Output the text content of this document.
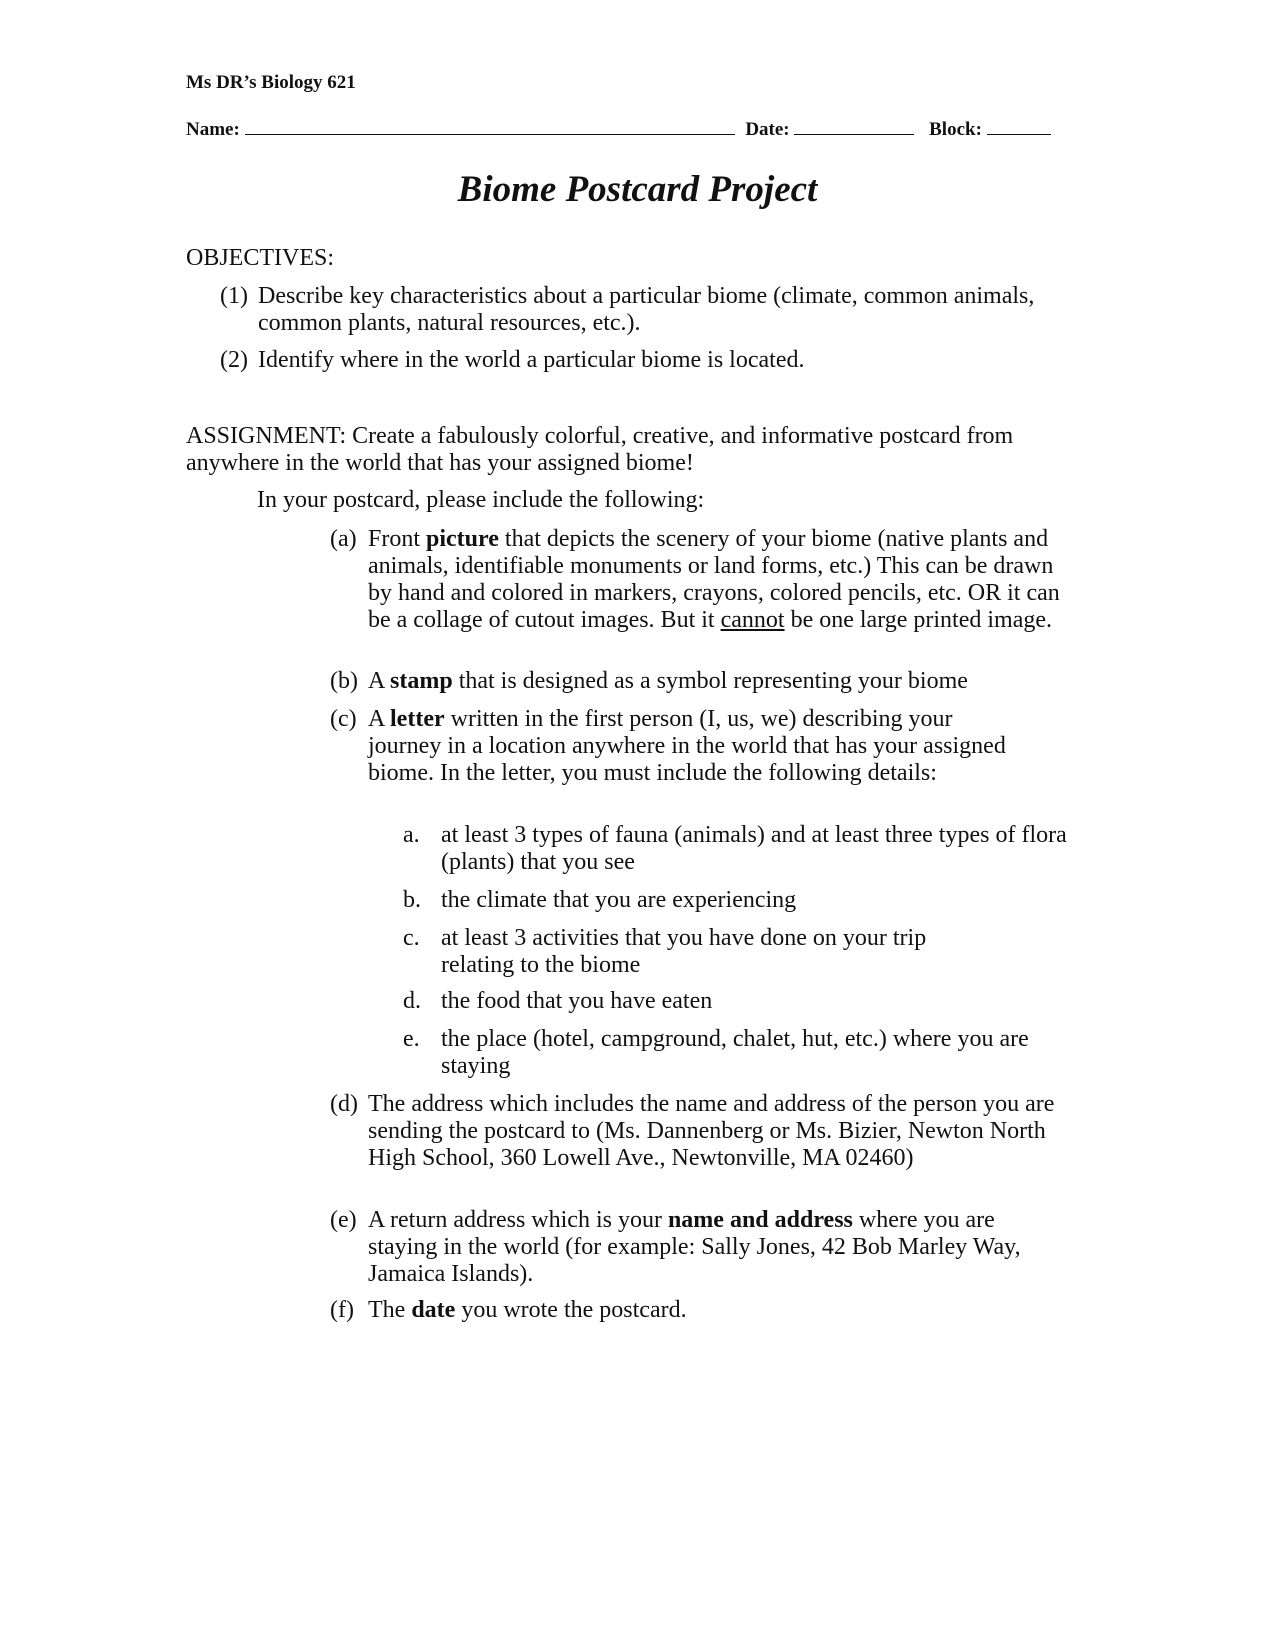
Ms DR’s Biology 621
Name:	Date:	Block:
Biome Postcard Project
OBJECTIVES:
(1) Describe key characteristics about a particular biome (climate, common animals, common plants, natural resources, etc.).
(2) Identify where in the world a particular biome is located.
ASSIGNMENT: Create a fabulously colorful, creative, and informative postcard from anywhere in the world that has your assigned biome!
In your postcard, please include the following:
(a) Front picture that depicts the scenery of your biome (native plants and animals, identifiable monuments or land forms, etc.) This can be drawn by hand and colored in markers, crayons, colored pencils, etc. OR it can be a collage of cutout images. But it cannot be one large printed image.
(b) A stamp that is designed as a symbol representing your biome
(c) A letter written in the first person (I, us, we) describing your journey in a location anywhere in the world that has your assigned biome. In the letter, you must include the following details:
a. at least 3 types of fauna (animals) and at least three types of flora (plants) that you see
b. the climate that you are experiencing
c. at least 3 activities that you have done on your trip relating to the biome
d. the food that you have eaten
e. the place (hotel, campground, chalet, hut, etc.) where you are staying
(d) The address which includes the name and address of the person you are sending the postcard to (Ms. Dannenberg or Ms. Bizier, Newton North High School, 360 Lowell Ave., Newtonville, MA 02460)
(e) A return address which is your name and address where you are staying in the world (for example: Sally Jones, 42 Bob Marley Way, Jamaica Islands).
(f) The date you wrote the postcard.
